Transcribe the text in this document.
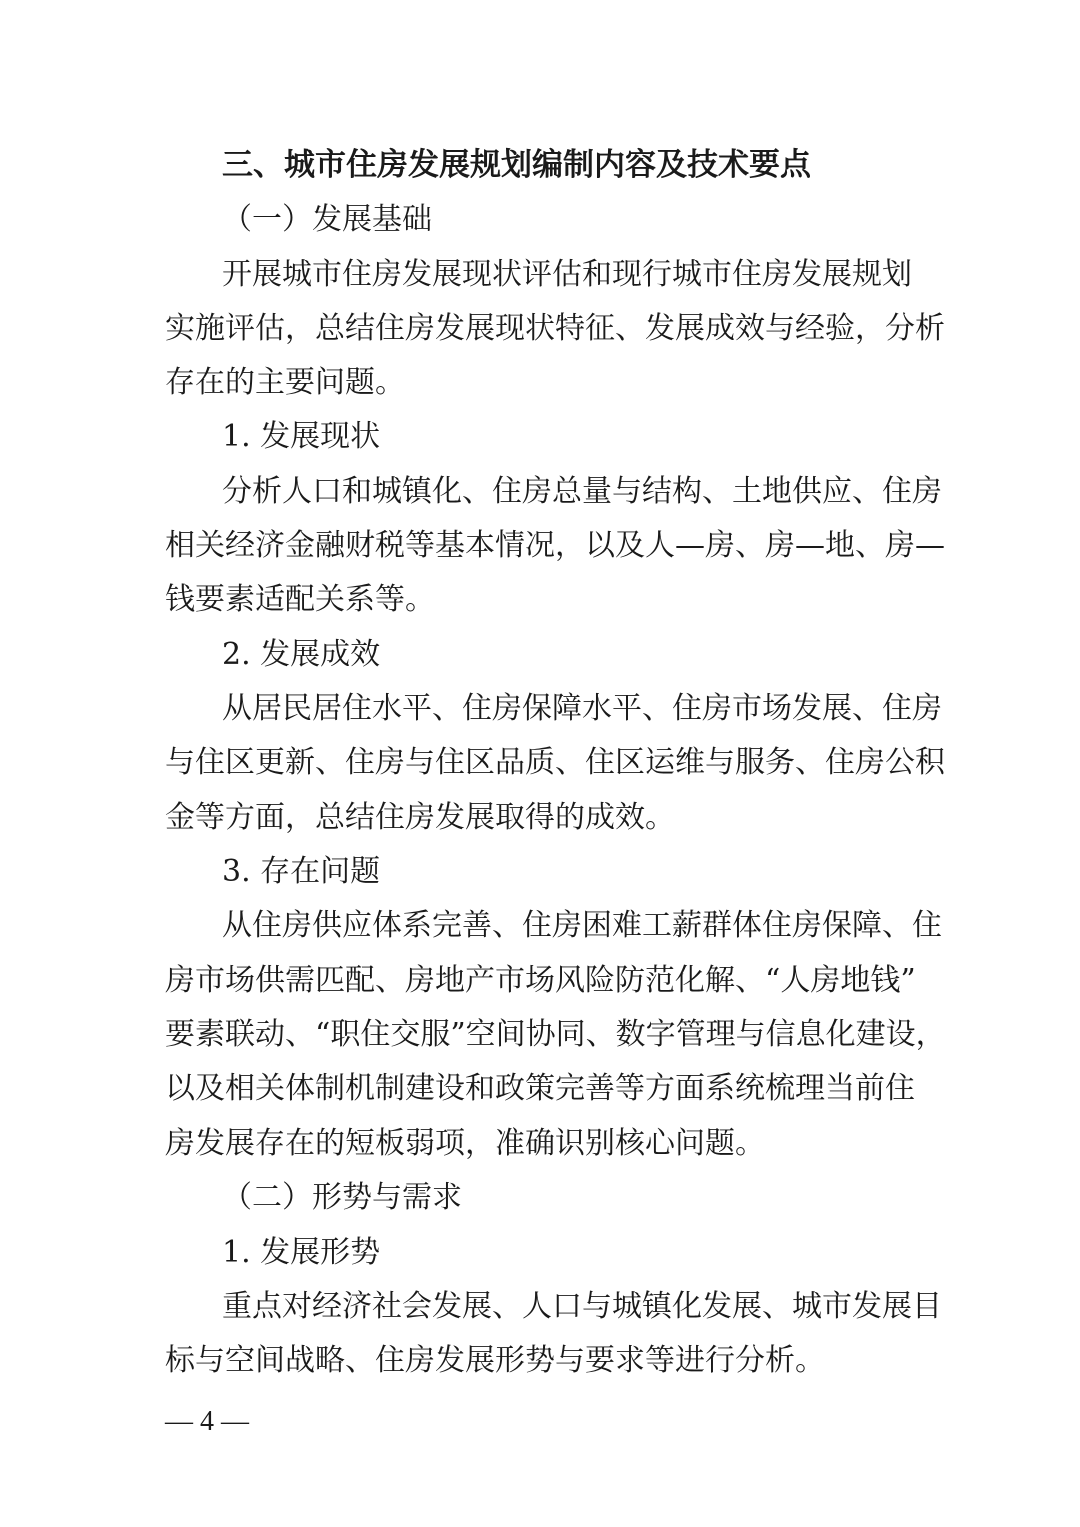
三、城市住房发展规划编制内容及技术要点
（一）发展基础
开展城市住房发展现状评估和现行城市住房发展规划
实施评估，总结住房发展现状特征、发展成效与经验，分析
存在的主要问题。
1. 发展现状
分析人口和城镇化、住房总量与结构、土地供应、住房
相关经济金融财税等基本情况，以及人—房、房—地、房—
钱要素适配关系等。
2. 发展成效
从居民居住水平、住房保障水平、住房市场发展、住房
与住区更新、住房与住区品质、住区运维与服务、住房公积
金等方面，总结住房发展取得的成效。
3. 存在问题
从住房供应体系完善、住房困难工薪群体住房保障、住
房市场供需匹配、房地产市场风险防范化解、“人房地钱”
要素联动、“职住交服”空间协同、数字管理与信息化建设，
以及相关体制机制建设和政策完善等方面系统梳理当前住
房发展存在的短板弱项，准确识别核心问题。
（二）形势与需求
1. 发展形势
重点对经济社会发展、人口与城镇化发展、城市发展目
标与空间战略、住房发展形势与要求等进行分析。
— 4 —
